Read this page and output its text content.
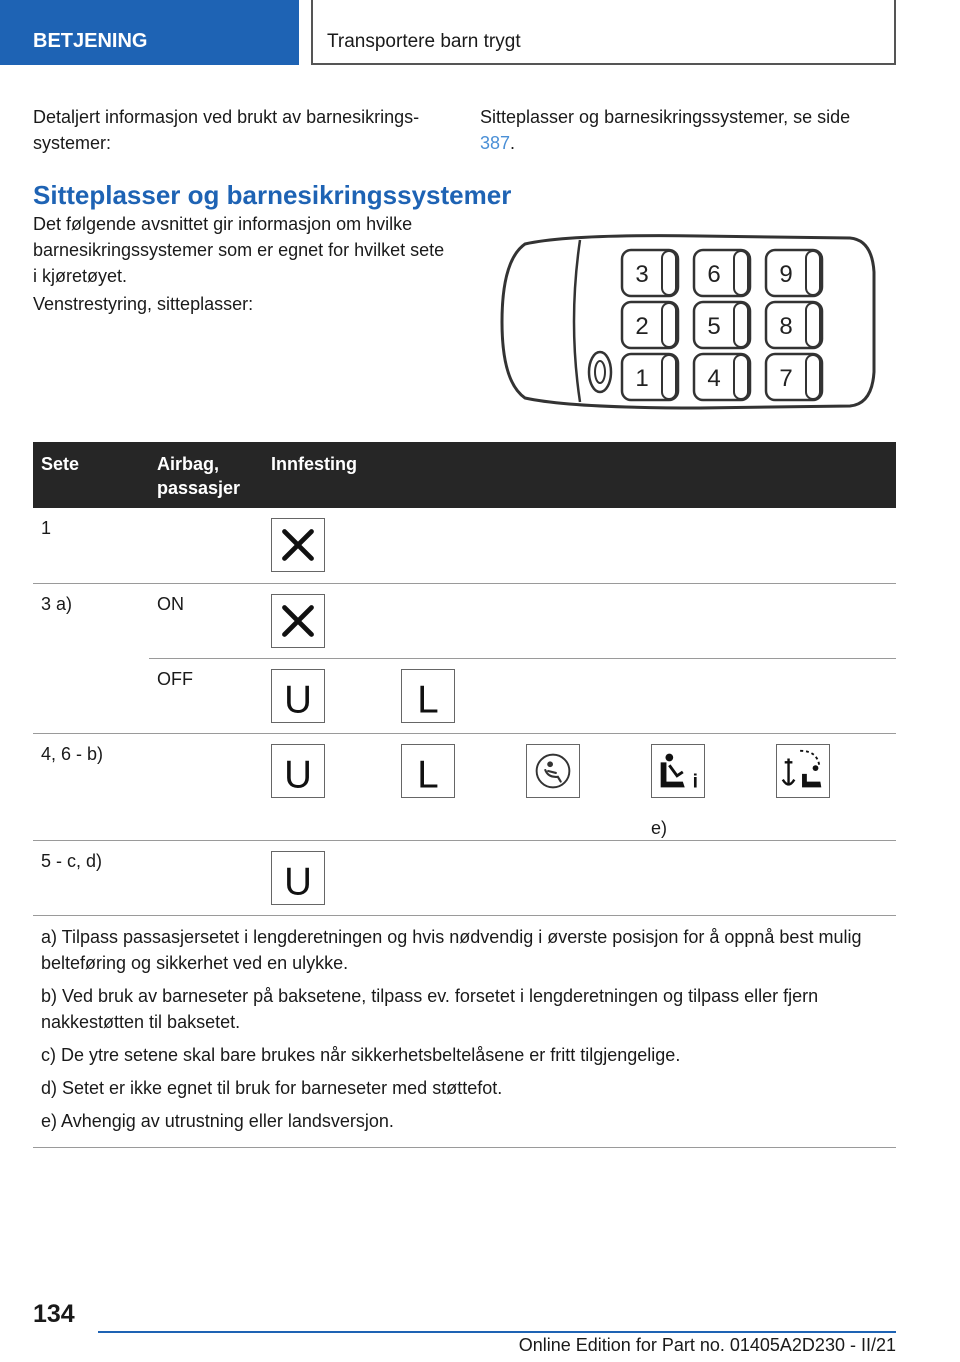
BETJENING	Transportere barn trygt
Detaljert informasjon ved brukt av barnesikringssystemer:
Sitteplasser og barnesikringssystemer, se side 387.
Sitteplasser og barnesikringssystemer
Det følgende avsnittet gir informasjon om hvilke barnesikringssystemer som er egnet for hvilket sete i kjøretøyet.
Venstrestyring, sitteplasser:
3 6 9
2 5 8
1 4 7
Sete	Airbag, passasjer	Innfesting
1		

3 a)	ON	

	OFF	U L

4, 6 - b)		U L i
e)

5 - c, d)		U

a) Tilpass passasjersetet i lengderetningen og hvis nødvendig i øverste posisjon for å oppnå best mulig belteføring og sikkerhet ved en ulykke.

b) Ved bruk av barneseter på baksetene, tilpass ev. forsetet i lengderetningen og tilpass eller fjern nakkestøtten til baksetet.

c) De ytre setene skal bare brukes når sikkerhetsbeltelåsene er fritt tilgjengelige.

d) Setet er ikke egnet til bruk for barneseter med støttefot.

e) Avhengig av utrustning eller landsversjon.

134
Online Edition for Part no. 01405A2D230 - II/21
